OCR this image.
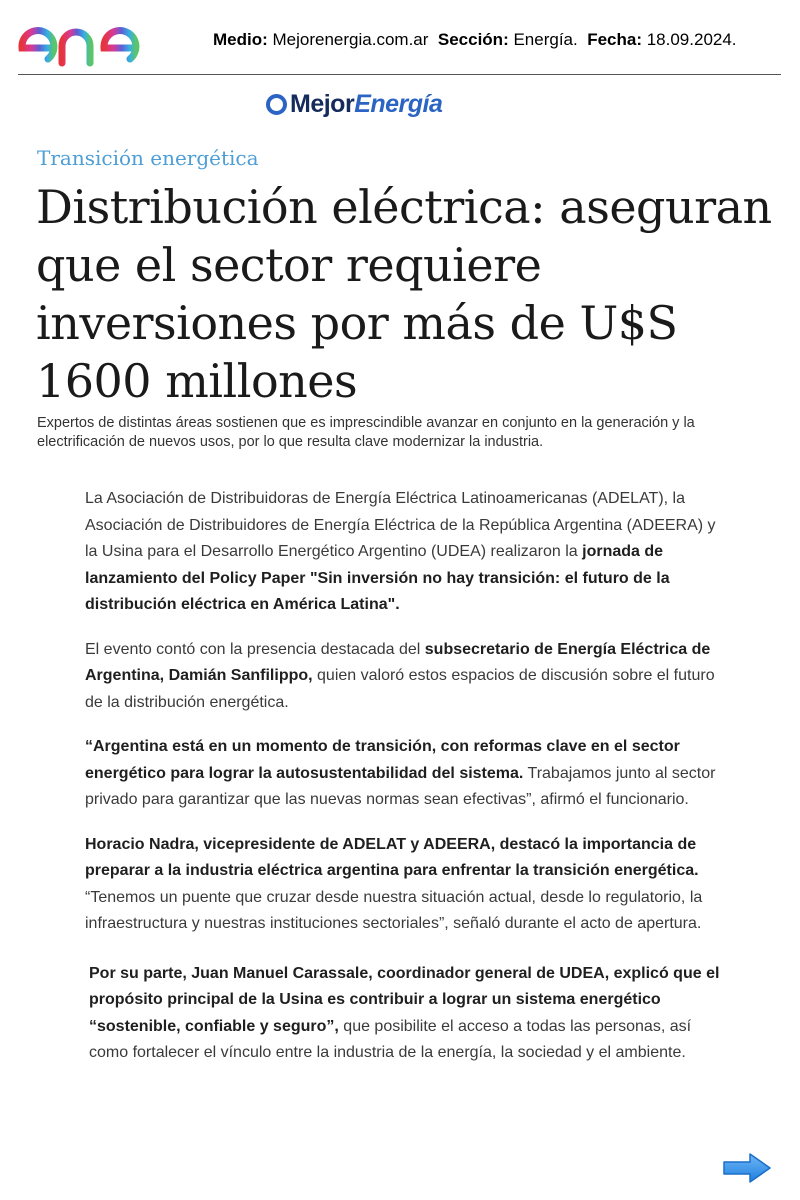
Medio: Mejorenergia.com.ar Sección: Energía. Fecha: 18.09.2024.
Mejor Energía
Transición energética
Distribución eléctrica: aseguran que el sector requiere inversiones por más de U$S 1600 millones

Expertos de distintas áreas sostienen que es imprescindible avanzar en conjunto en la generación y la electrificación de nuevos usos, por lo que resulta clave modernizar la industria.

La Asociación de Distribuidoras de Energía Eléctrica Latinoamericanas (ADELAT), la Asociación de Distribuidores de Energía Eléctrica de la República Argentina (ADEERA) y la Usina para el Desarrollo Energético Argentino (UDEA) realizaron la jornada de lanzamiento del Policy Paper "Sin inversión no hay transición: el futuro de la distribución eléctrica en América Latina".

El evento contó con la presencia destacada del subsecretario de Energía Eléctrica de Argentina, Damián Sanfilippo, quien valoró estos espacios de discusión sobre el futuro de la distribución energética.

“Argentina está en un momento de transición, con reformas clave en el sector energético para lograr la autosustentabilidad del sistema. Trabajamos junto al sector privado para garantizar que las nuevas normas sean efectivas”, afirmó el funcionario.

Horacio Nadra, vicepresidente de ADELAT y ADEERA, destacó la importancia de preparar a la industria eléctrica argentina para enfrentar la transición energética. “Tenemos un puente que cruzar desde nuestra situación actual, desde lo regulatorio, la infraestructura y nuestras instituciones sectoriales”, señaló durante el acto de apertura.

Por su parte, Juan Manuel Carassale, coordinador general de UDEA, explicó que el propósito principal de la Usina es contribuir a lograr un sistema energético “sostenible, confiable y seguro”, que posibilite el acceso a todas las personas, así como fortalecer el vínculo entre la industria de la energía, la sociedad y el ambiente.
